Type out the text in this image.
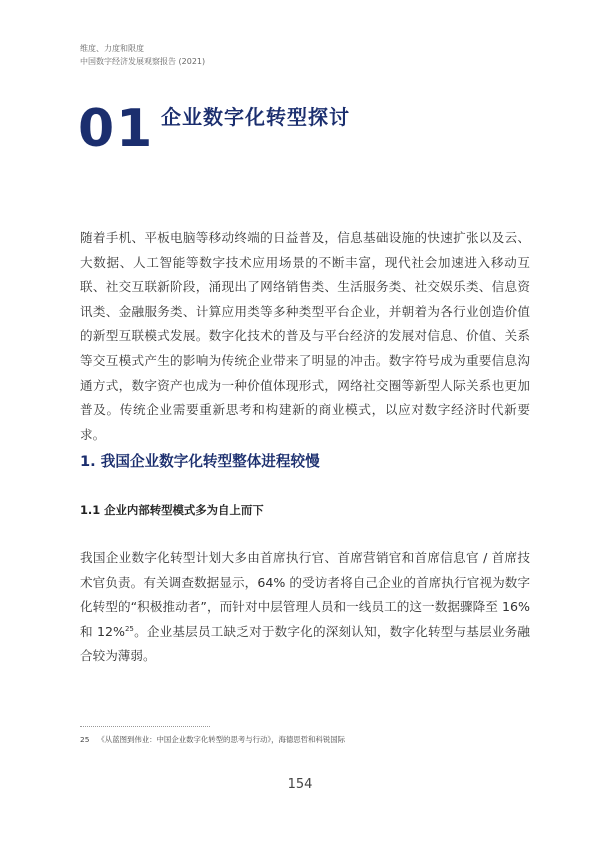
维度、力度和限度
中国数字经济发展观察报告 (2021)
01 企业数字化转型探讨

随着手机、平板电脑等移动终端的日益普及，信息基础设施的快速扩张以及云、大数据、人工智能等数字技术应用场景的不断丰富，现代社会加速进入移动互联、社交互联新阶段，涌现出了网络销售类、生活服务类、社交娱乐类、信息资讯类、金融服务类、计算应用类等多种类型平台企业，并朝着为各行业创造价值的新型互联模式发展。数字化技术的普及与平台经济的发展对信息、价值、关系等交互模式产生的影响为传统企业带来了明显的冲击。数字符号成为重要信息沟通方式，数字资产也成为一种价值体现形式，网络社交圈等新型人际关系也更加普及。传统企业需要重新思考和构建新的商业模式，以应对数字经济时代新要求。

1. 我国企业数字化转型整体进程较慢
1.1 企业内部转型模式多为自上而下

我国企业数字化转型计划大多由首席执行官、首席营销官和首席信息官 / 首席技术官负责。有关调查数据显示，64% 的受访者将自己企业的首席执行官视为数字化转型的“积极推动者”，而针对中层管理人员和一线员工的这一数据骤降至 16% 和 12%$^{25}$。企业基层员工缺乏对于数字化的深刻认知，数字化转型与基层业务融合较为薄弱。

25 《从蓝图到伟业：中国企业数字化转型的思考与行动》，海德思哲和科锐国际
154
